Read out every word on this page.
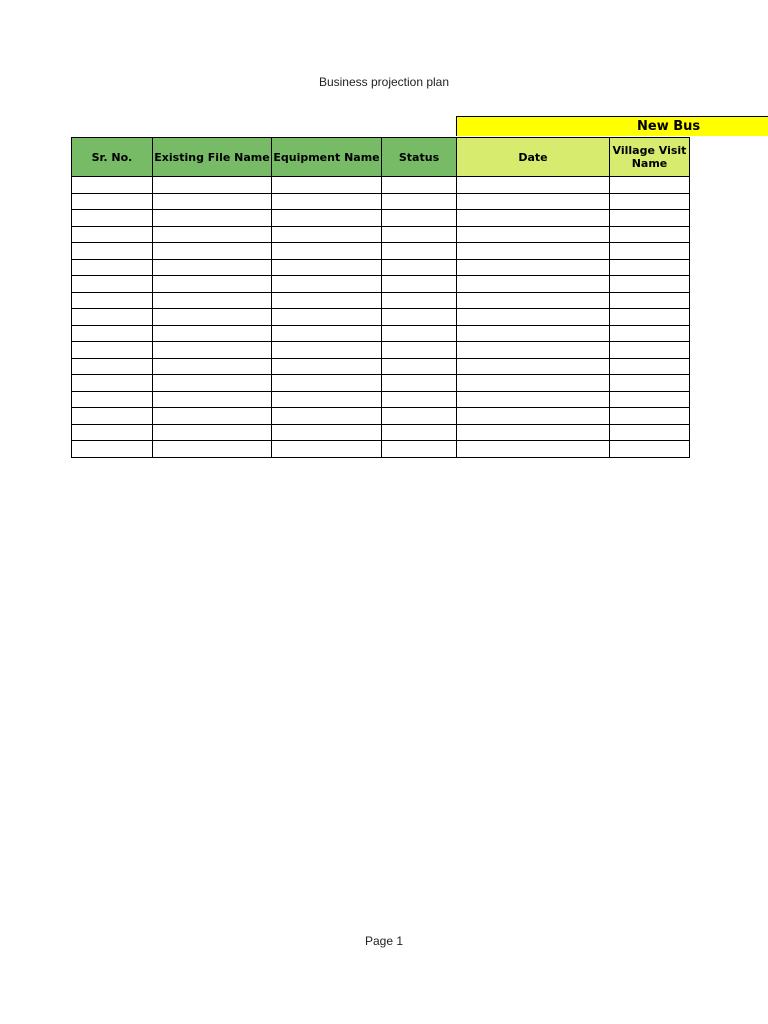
Business projection plan
New Bus
Sr. No.	Existing File Name	Equipment Name	Status	Date	Village Visit Name

Page 1
